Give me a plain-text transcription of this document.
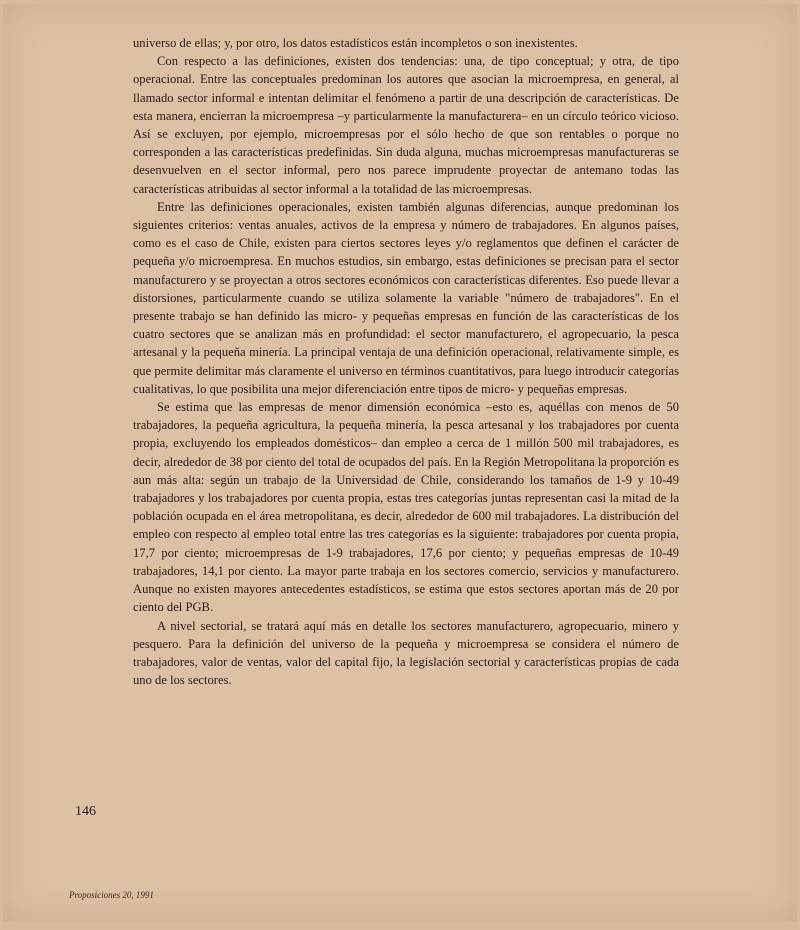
universo de ellas; y, por otro, los datos estadísticos están incompletos o son inexistentes.

Con respecto a las definiciones, existen dos tendencias: una, de tipo conceptual; y otra, de tipo operacional. Entre las conceptuales predominan los autores que asocian la microempresa, en general, al llamado sector informal e intentan delimitar el fenómeno a partir de una descripción de características. De esta manera, encierran la microempresa –y particularmente la manufacturera– en un círculo teórico vicioso. Así se excluyen, por ejemplo, microempresas por el sólo hecho de que son rentables o porque no corresponden a las características predefinidas. Sin duda alguna, muchas microempresas manufactureras se desenvuelven en el sector informal, pero nos parece imprudente proyectar de antemano todas las características atribuidas al sector informal a la totalidad de las microempresas.

Entre las definiciones operacionales, existen también algunas diferencias, aunque predominan los siguientes criterios: ventas anuales, activos de la empresa y número de trabajadores. En algunos países, como es el caso de Chile, existen para ciertos sectores leyes y/o reglamentos que definen el carácter de pequeña y/o microempresa. En muchos estudios, sin embargo, estas definiciones se precisan para el sector manufacturero y se proyectan a otros sectores económicos con características diferentes. Eso puede llevar a distorsiones, particularmente cuando se utiliza solamente la variable "número de trabajadores". En el presente trabajo se han definido las micro- y pequeñas empresas en función de las características de los cuatro sectores que se analizan más en profundidad: el sector manufacturero, el agropecuario, la pesca artesanal y la pequeña minería. La principal ventaja de una definición operacional, relativamente simple, es que permite delimitar más claramente el universo en términos cuantitativos, para luego introducir categorías cualitativas, lo que posibilita una mejor diferenciación entre tipos de micro- y pequeñas empresas.

Se estima que las empresas de menor dimensión económica –esto es, aquéllas con menos de 50 trabajadores, la pequeña agricultura, la pequeña minería, la pesca artesanal y los trabajadores por cuenta propia, excluyendo los empleados domésticos– dan empleo a cerca de 1 millón 500 mil trabajadores, es decir, alrededor de 38 por ciento del total de ocupados del país. En la Región Metropolitana la proporción es aun más alta: según un trabajo de la Universidad de Chile, considerando los tamaños de 1-9 y 10-49 trabajadores y los trabajadores por cuenta propia, estas tres categorías juntas representan casi la mitad de la población ocupada en el área metropolitana, es decir, alrededor de 600 mil trabajadores. La distribución del empleo con respecto al empleo total entre las tres categorías es la siguiente: trabajadores por cuenta propia, 17,7 por ciento; microempresas de 1-9 trabajadores, 17,6 por ciento; y pequeñas empresas de 10-49 trabajadores, 14,1 por ciento. La mayor parte trabaja en los sectores comercio, servicios y manufacturero. Aunque no existen mayores antecedentes estadísticos, se estima que estos sectores aportan más de 20 por ciento del PGB.

A nivel sectorial, se tratará aquí más en detalle los sectores manufacturero, agropecuario, minero y pesquero. Para la definición del universo de la pequeña y microempresa se considera el número de trabajadores, valor de ventas, valor del capital fijo, la legislación sectorial y características propias de cada uno de los sectores.

146
Proposiciones 20, 1991
